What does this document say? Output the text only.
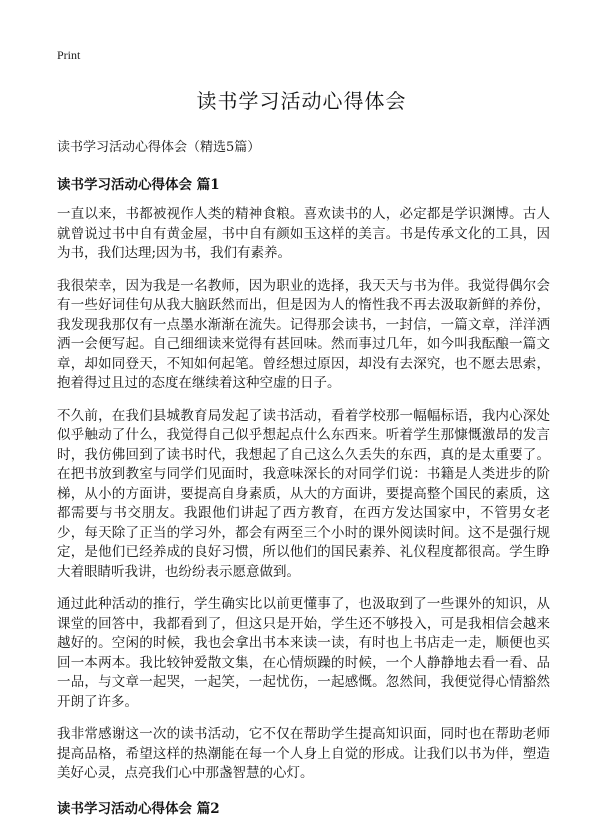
Print
读书学习活动心得体会
读书学习活动心得体会（精选5篇）
读书学习活动心得体会 篇1

一直以来，书都被视作人类的精神食粮。喜欢读书的人，必定都是学识渊博。古人就曾说过书中自有黄金屋，书中自有颜如玉这样的美言。书是传承文化的工具，因为书，我们达理;因为书，我们有素养。

我很荣幸，因为我是一名教师，因为职业的选择，我天天与书为伴。我觉得偶尔会有一些好词佳句从我大脑跃然而出，但是因为人的惰性我不再去汲取新鲜的养份，我发现我那仅有一点墨水渐渐在流失。记得那会读书，一封信，一篇文章，洋洋洒洒一会便写起。自己细细读来觉得有甚回味。然而事过几年，如今叫我酝酿一篇文章，却如同登天，不知如何起笔。曾经想过原因，却没有去深究，也不愿去思索，抱着得过且过的态度在继续着这种空虚的日子。

不久前，在我们县城教育局发起了读书活动，看着学校那一幅幅标语，我内心深处似乎触动了什么，我觉得自己似乎想起点什么东西来。听着学生那慷慨激昂的发言时，我仿佛回到了读书时代，我想起了自己这么久丢失的东西，真的是太重要了。在把书放到教室与同学们见面时，我意味深长的对同学们说：书籍是人类进步的阶梯，从小的方面讲，要提高自身素质，从大的方面讲，要提高整个国民的素质，这都需要与书交朋友。我跟他们讲起了西方教育，在西方发达国家中，不管男女老少，每天除了正当的学习外，都会有两至三个小时的课外阅读时间。这不是强行规定，是他们已经养成的良好习惯，所以他们的国民素养、礼仪程度都很高。学生睁大着眼睛听我讲，也纷纷表示愿意做到。

通过此种活动的推行，学生确实比以前更懂事了，也汲取到了一些课外的知识，从课堂的回答中，我都看到了，但这只是开始，学生还不够投入，可是我相信会越来越好的。空闲的时候，我也会拿出书本来读一读，有时也上书店走一走，顺便也买回一本两本。我比较钟爱散文集，在心情烦躁的时候，一个人静静地去看一看、品一品，与文章一起哭，一起笑，一起忧伤，一起感慨。忽然间，我便觉得心情豁然开朗了许多。

我非常感谢这一次的读书活动，它不仅在帮助学生提高知识面，同时也在帮助老师提高品格，希望这样的热潮能在每一个人身上自觉的形成。让我们以书为伴，塑造美好心灵，点亮我们心中那盏智慧的心灯。

读书学习活动心得体会 篇2
